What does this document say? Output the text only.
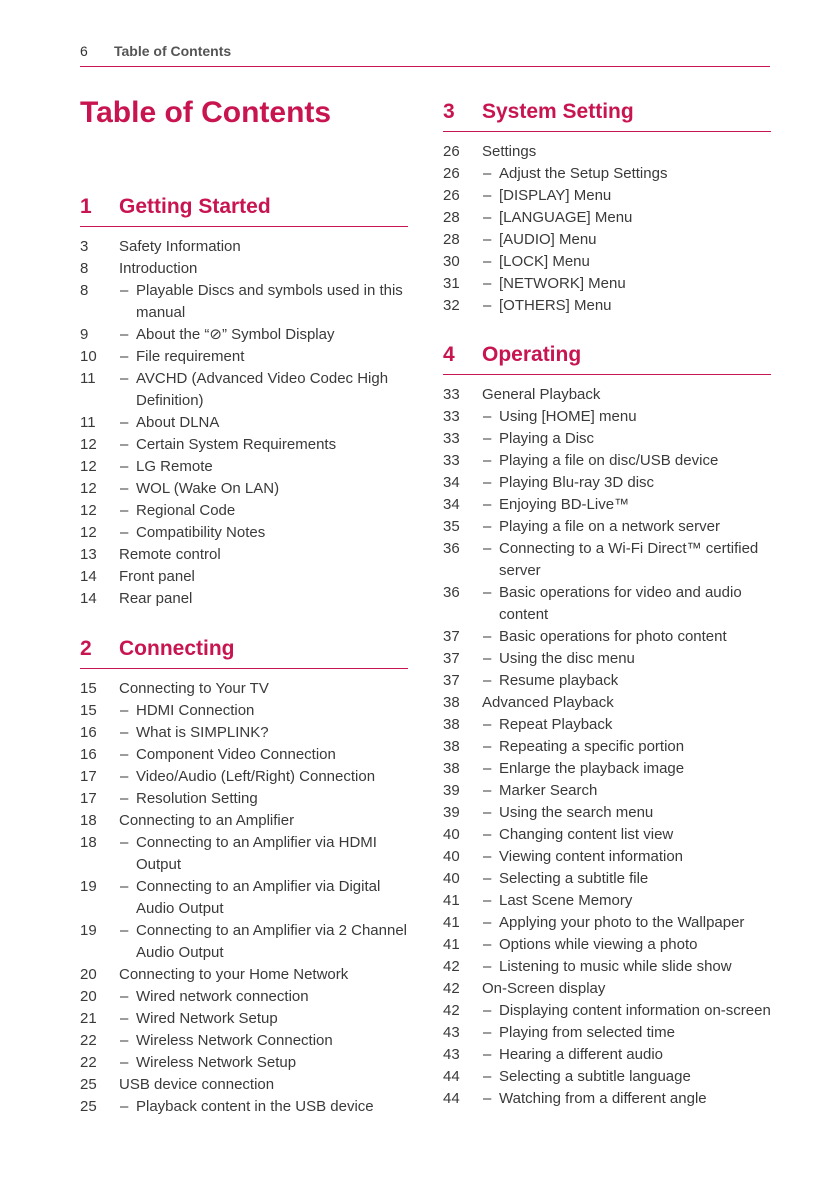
6 Table of Contents
Table of Contents
1 Getting Started
3	Safety Information
8	Introduction
8	– Playable Discs and symbols used in this manual
9	– About the “⊘” Symbol Display
10	– File requirement
11	– AVCHD (Advanced Video Codec High Definition)
11	– About DLNA
12	– Certain System Requirements
12	– LG Remote
12	– WOL (Wake On LAN)
12	– Regional Code
12	– Compatibility Notes
13	Remote control
14	Front panel
14	Rear panel
2 Connecting
15	Connecting to Your TV
15	– HDMI Connection
16	– What is SIMPLINK?
16	– Component Video Connection
17	– Video/Audio (Left/Right) Connection
17	– Resolution Setting
18	Connecting to an Amplifier
18	– Connecting to an Amplifier via HDMI Output
19	– Connecting to an Amplifier via Digital Audio Output
19	– Connecting to an Amplifier via 2 Channel Audio Output
20	Connecting to your Home Network
20	– Wired network connection
21	– Wired Network Setup
22	– Wireless Network Connection
22	– Wireless Network Setup
25	USB device connection
25	– Playback content in the USB device
3 System Setting
26	Settings
26	– Adjust the Setup Settings
26	– [DISPLAY] Menu
28	– [LANGUAGE] Menu
28	– [AUDIO] Menu
30	– [LOCK] Menu
31	– [NETWORK] Menu
32	– [OTHERS] Menu
4 Operating
33	General Playback
33	– Using [HOME] menu
33	– Playing a Disc
33	– Playing a file on disc/USB device
34	– Playing Blu-ray 3D disc
34	– Enjoying BD-Live™
35	– Playing a file on a network server
36	– Connecting to a Wi-Fi Direct™ certified server
36	– Basic operations for video and audio content
37	– Basic operations for photo content
37	– Using the disc menu
37	– Resume playback
38	Advanced Playback
38	– Repeat Playback
38	– Repeating a specific portion
38	– Enlarge the playback image
39	– Marker Search
39	– Using the search menu
40	– Changing content list view
40	– Viewing content information
40	– Selecting a subtitle file
41	– Last Scene Memory
41	– Applying your photo to the Wallpaper
41	– Options while viewing a photo
42	– Listening to music while slide show
42	On-Screen display
42	– Displaying content information on-screen
43	– Playing from selected time
43	– Hearing a different audio
44	– Selecting a subtitle language
44	– Watching from a different angle
